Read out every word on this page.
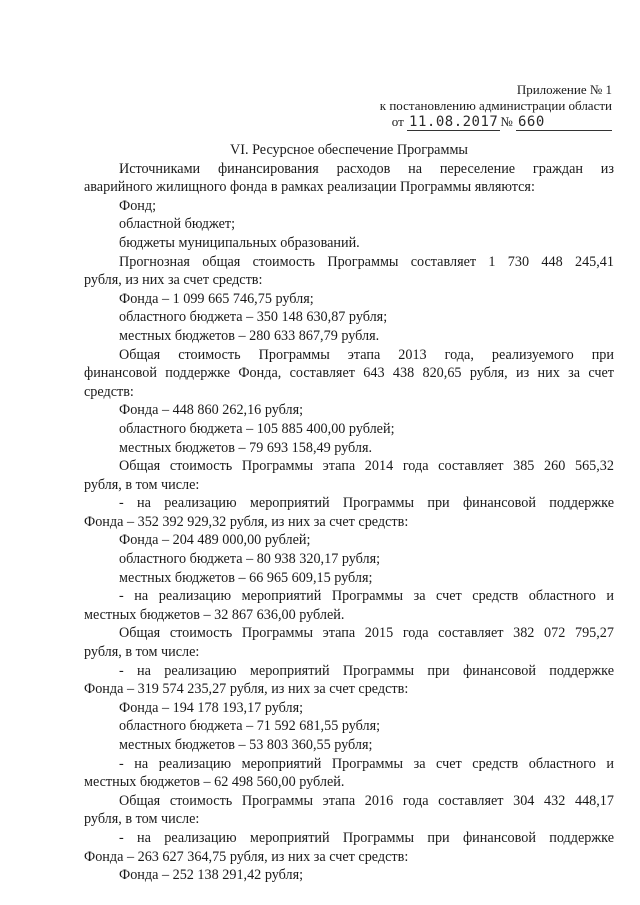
Приложение № 1
к постановлению администрации области
от 11.08.2017 № 660

VI. Ресурсное обеспечение Программы

Источниками финансирования расходов на переселение граждан из

аварийного жилищного фонда в рамках реализации Программы являются:

Фонд;

областной бюджет;

бюджеты муниципальных образований.

Прогнозная общая стоимость Программы составляет 1 730 448 245,41

рубля, из них за счет средств:

Фонда – 1 099 665 746,75 рубля;

областного бюджета – 350 148 630,87 рубля;

местных бюджетов – 280 633 867,79 рубля.

Общая стоимость Программы этапа 2013 года, реализуемого при

финансовой поддержке Фонда, составляет 643 438 820,65 рубля, из них за счет

средств:

Фонда – 448 860 262,16 рубля;

областного бюджета – 105 885 400,00 рублей;

местных бюджетов – 79 693 158,49 рубля.

Общая стоимость Программы этапа 2014 года составляет 385 260 565,32

рубля, в том числе:

- на реализацию мероприятий Программы при финансовой поддержке

Фонда – 352 392 929,32 рубля, из них за счет средств:

Фонда – 204 489 000,00 рублей;

областного бюджета – 80 938 320,17 рубля;

местных бюджетов – 66 965 609,15 рубля;

- на реализацию мероприятий Программы за счет средств областного и

местных бюджетов – 32 867 636,00 рублей.

Общая стоимость Программы этапа 2015 года составляет 382 072 795,27

рубля, в том числе:

- на реализацию мероприятий Программы при финансовой поддержке

Фонда – 319 574 235,27 рубля, из них за счет средств:

Фонда – 194 178 193,17 рубля;

областного бюджета – 71 592 681,55 рубля;

местных бюджетов – 53 803 360,55 рубля;

- на реализацию мероприятий Программы за счет средств областного и

местных бюджетов – 62 498 560,00 рублей.

Общая стоимость Программы этапа 2016 года составляет 304 432 448,17

рубля, в том числе:

- на реализацию мероприятий Программы при финансовой поддержке

Фонда – 263 627 364,75 рубля, из них за счет средств:

Фонда – 252 138 291,42 рубля;
